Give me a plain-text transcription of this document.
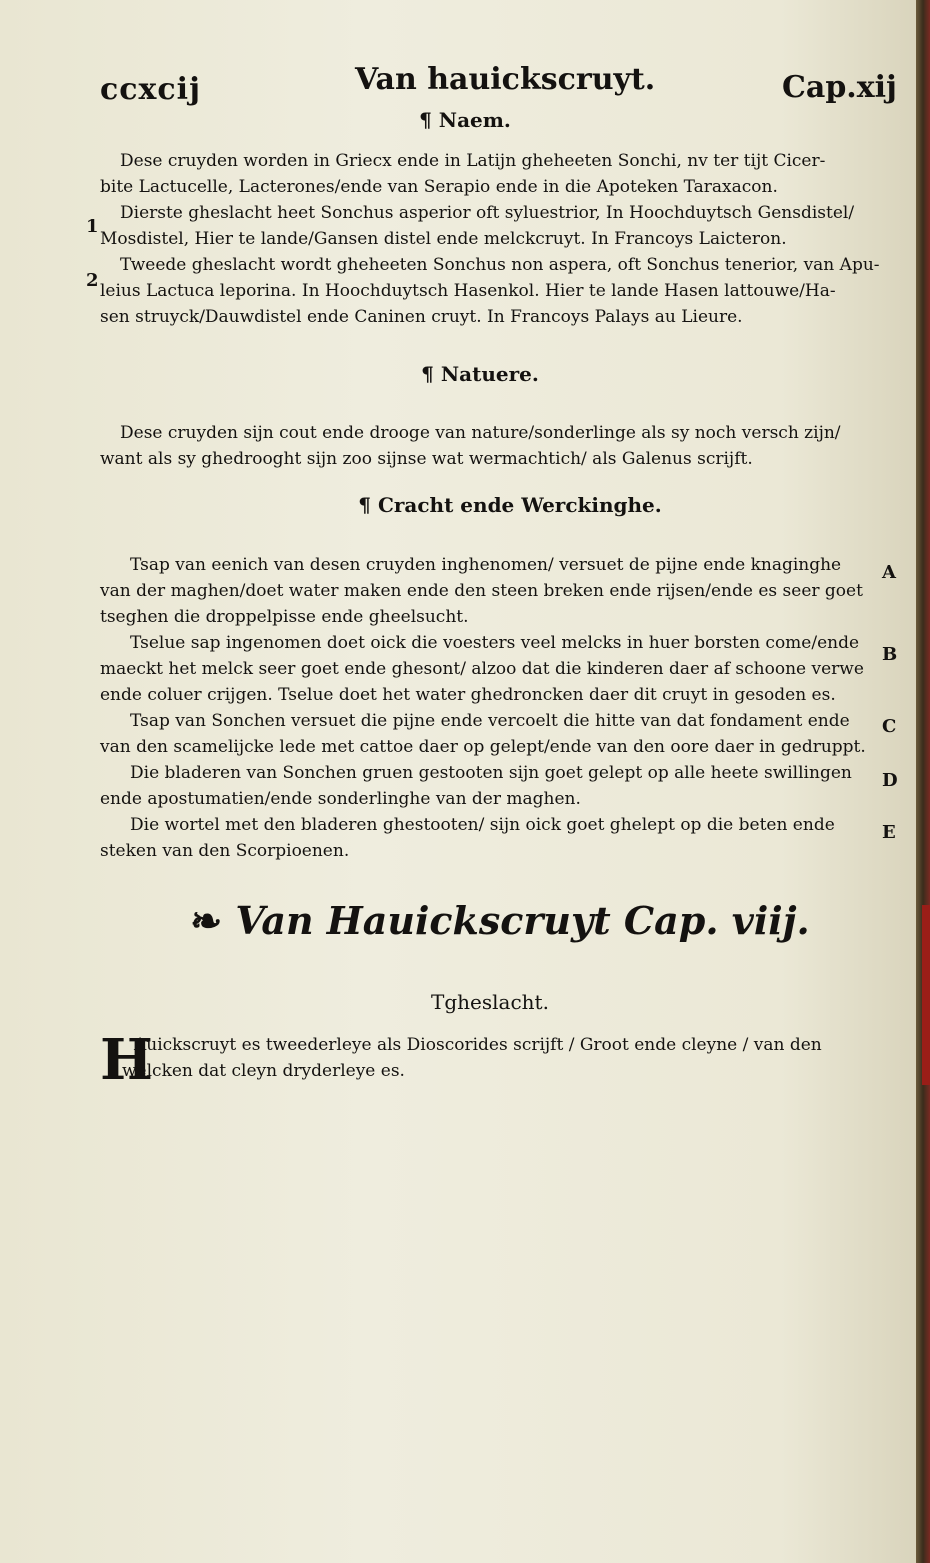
ccxcij	Van hauickscruyt.	Cap.xij
¶ Naem.
Dese cruyden worden in Griecx ende in Latijn gheheeten Sonchi, nv ter tijt Cicer-
bite Lactucelle, Lacterones/ende van Serapio ende in die Apoteken Taraxacon.
Dierste gheslacht heet Sonchus asperior oft syluestrior, In Hoochduytsch Gensdistel/
Mosdistel, Hier te lande/Gansen distel ende melckcruyt. In Francoys Laicteron.
Tweede gheslacht wordt gheheeten Sonchus non aspera, oft Sonchus tenerior, van Apu-
leius Lactuca leporina. In Hoochduytsch Hasenkol. Hier te lande Hasen lattouwe/Ha-
sen struyck/Dauwdistel ende Caninen cruyt. In Francoys Palays au Lieure.
1
2
¶ Natuere.
Dese cruyden sijn cout ende drooge van nature/sonderlinge als sy noch versch zijn/
want als sy ghedrooght sijn zoo sijnse wat wermachtich/ als Galenus scrijft.
¶ Cracht ende Werckinghe.
Tsap van eenich van desen cruyden inghenomen/ versuet de pijne ende knaginghe
van der maghen/doet water maken ende den steen breken ende rijsen/ende es seer goet
tseghen die droppelpisse ende gheelsucht.
Tselue sap ingenomen doet oick die voesters veel melcks in huer borsten come/ende
maeckt het melck seer goet ende ghesont/ alzoo dat die kinderen daer af schoone verwe
ende coluer crijgen. Tselue doet het water ghedroncken daer dit cruyt in gesoden es.
Tsap van Sonchen versuet die pijne ende vercoelt die hitte van dat fondament ende
van den scamelijcke lede met cattoe daer op gelept/ende van den oore daer in gedruppt.
Die bladeren van Sonchen gruen gestooten sijn goet gelept op alle heete swillingen
ende apostumatien/ende sonderlinghe van der maghen.
Die wortel met den bladeren ghestooten/ sijn oick goet ghelept op die beten ende
steken van den Scorpioenen.
A
B
C
D
E
❧ Van Hauickscruyt Cap. viij.
Tgheslacht.
H
Auickscruyt es tweederleye als Dioscorides scrijft / Groot ende cleyne / van den
welcken dat cleyn dryderleye es.
